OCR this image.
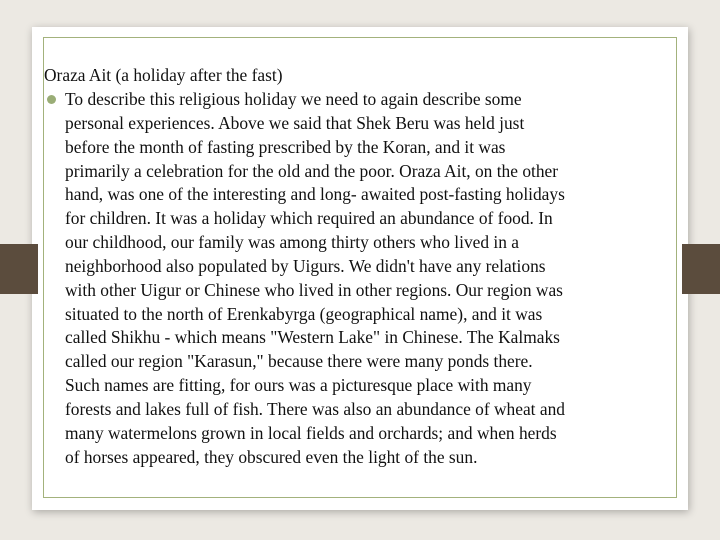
Oraza Ait (a holiday after the fast)
To describe this religious holiday we need to again describe some
personal experiences. Above we said that Shek Beru was held just
before the month of fasting prescribed by the Koran, and it was
primarily a celebration for the old and the poor. Oraza Ait, on the other
hand, was one of the interesting and long- awaited post-fasting holidays
for children. It was a holiday which required an abundance of food. In
our childhood, our family was among thirty others who lived in a
neighborhood also populated by Uigurs. We didn't have any relations
with other Uigur or Chinese who lived in other regions. Our region was
situated to the north of Erenkabyrga (geographical name), and it was
called Shikhu - which means "Western Lake" in Chinese. The Kalmaks
called our region "Karasun," because there were many ponds there.
Such names are fitting, for ours was a picturesque place with many
forests and lakes full of fish. There was also an abundance of wheat and
many watermelons grown in local fields and orchards; and when herds
of horses appeared, they obscured even the light of the sun.
